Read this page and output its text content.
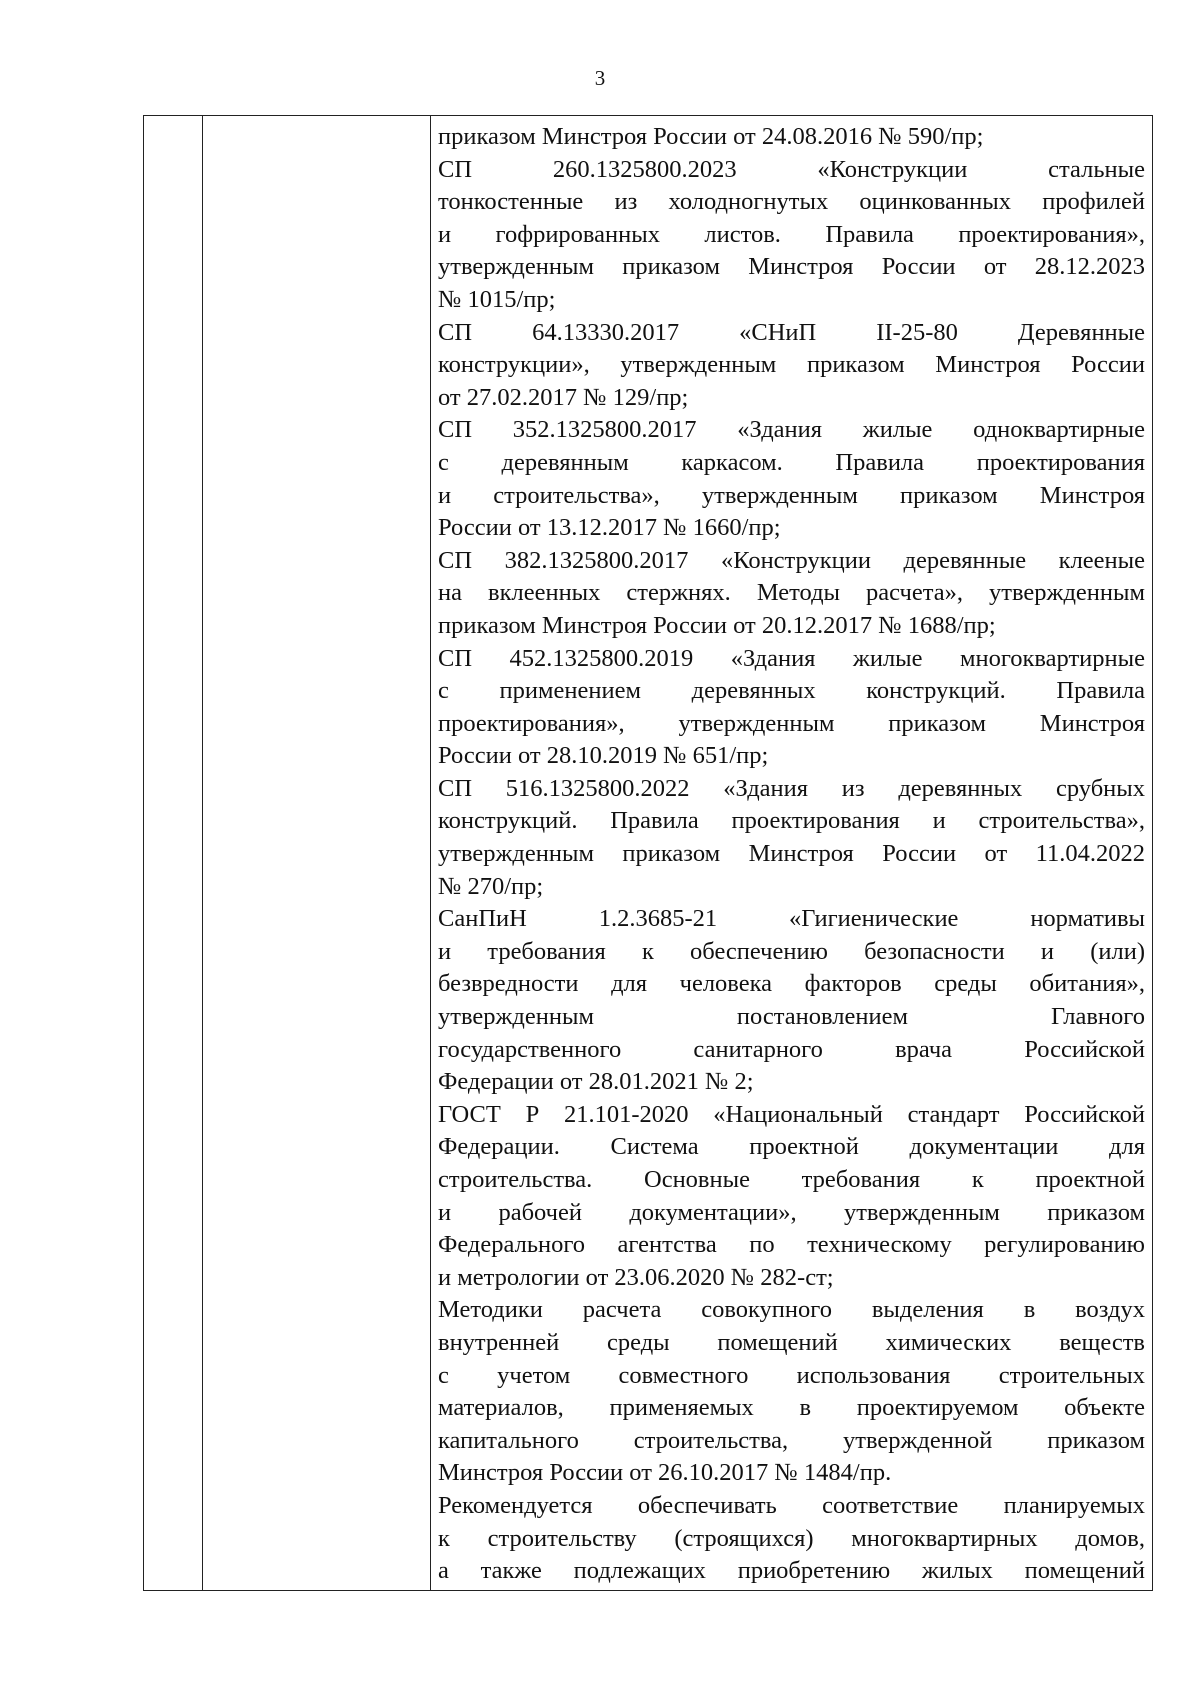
3
приказом Минстроя России от 24.08.2016 № 590/пр;
СП 260.1325800.2023 «Конструкции стальные
тонкостенные из холодногнутых оцинкованных профилей
и гофрированных листов. Правила проектирования»,
утвержденным приказом Минстроя России от 28.12.2023
№ 1015/пр;
СП 64.13330.2017 «СНиП II-25-80 Деревянные
конструкции», утвержденным приказом Минстроя России
от 27.02.2017 № 129/пр;
СП 352.1325800.2017 «Здания жилые одноквартирные
с деревянным каркасом. Правила проектирования
и строительства», утвержденным приказом Минстроя
России от 13.12.2017 № 1660/пр;
СП 382.1325800.2017 «Конструкции деревянные клееные
на вклеенных стержнях. Методы расчета», утвержденным
приказом Минстроя России от 20.12.2017 № 1688/пр;
СП 452.1325800.2019 «Здания жилые многоквартирные
с применением деревянных конструкций. Правила
проектирования», утвержденным приказом Минстроя
России от 28.10.2019 № 651/пр;
СП 516.1325800.2022 «Здания из деревянных срубных
конструкций. Правила проектирования и строительства»,
утвержденным приказом Минстроя России от 11.04.2022
№ 270/пр;
СанПиН 1.2.3685-21 «Гигиенические нормативы
и требования к обеспечению безопасности и (или)
безвредности для человека факторов среды обитания»,
утвержденным постановлением Главного
государственного санитарного врача Российской
Федерации от 28.01.2021 № 2;
ГОСТ Р 21.101-2020 «Национальный стандарт Российской
Федерации. Система проектной документации для
строительства. Основные требования к проектной
и рабочей документации», утвержденным приказом
Федерального агентства по техническому регулированию
и метрологии от 23.06.2020 № 282-ст;
Методики расчета совокупного выделения в воздух
внутренней среды помещений химических веществ
с учетом совместного использования строительных
материалов, применяемых в проектируемом объекте
капитального строительства, утвержденной приказом
Минстроя России от 26.10.2017 № 1484/пр.
Рекомендуется обеспечивать соответствие планируемых
к строительству (строящихся) многоквартирных домов,
а также подлежащих приобретению жилых помещений
